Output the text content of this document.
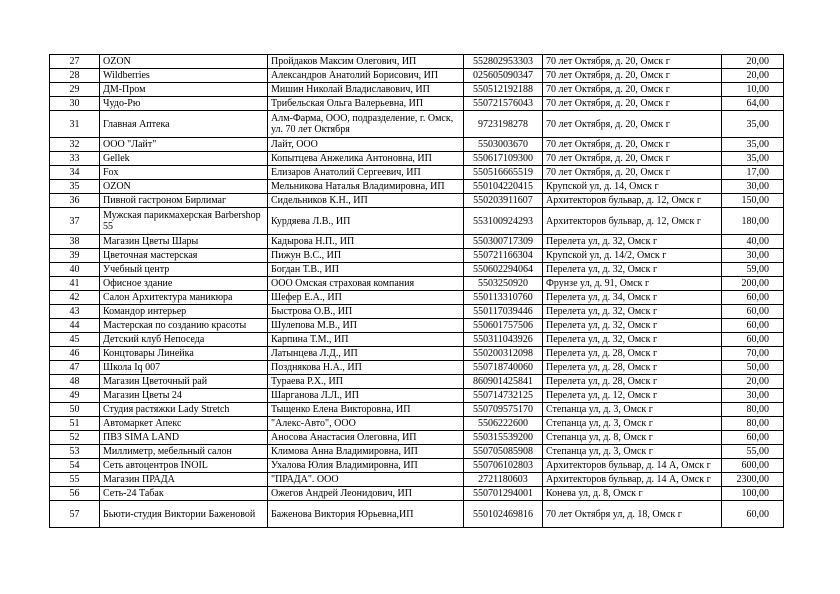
27	OZON	Пройдаков Максим Олегович, ИП	552802953303	70 лет Октября, д. 20, Омск г	20,00
28	Wildberries	Александров Анатолий Борисович, ИП	025605090347	70 лет Октября, д. 20, Омск г	20,00
29	ДМ-Пром	Мишин Николай Владиславович, ИП	550512192188	70 лет Октября, д. 20, Омск г	10,00
30	Чудо-Рю	Трибельская Ольга Валерьевна, ИП	550721576043	70 лет Октября, д. 20, Омск г	64,00
31	Главная Аптека	Алм-Фарма, ООО, подразделение, г. Омск, ул. 70 лет Октября	9723198278	70 лет Октября, д. 20, Омск г	35,00
32	ООО "Лайт"	Лайт, ООО	5503003670	70 лет Октября, д. 20, Омск г	35,00
33	Gellek	Копытцева Анжелика Антоновна, ИП	550617109300	70 лет Октября, д. 20, Омск г	35,00
34	Fox	Елизаров Анатолий Сергеевич, ИП	550516665519	70 лет Октября, д. 20, Омск г	17,00
35	OZON	Мельникова Наталья Владимировна, ИП	550104220415	Крупской ул, д. 14, Омск г	30,00
36	Пивной гастроном Бирлимаг	Сидельников К.Н., ИП	550203911607	Архитекторов бульвар, д. 12, Омск г	150,00
37	Мужская парикмахерская Barbershop 55	Курдяева Л.В., ИП	553100924293	Архитекторов бульвар, д. 12, Омск г	180,00
38	Магазин Цветы Шары	Кадырова Н.П., ИП	550300717309	Перелета ул, д. 32, Омск г	40,00
39	Цветочная мастерская	Пижун В.С., ИП	550721166304	Крупской ул, д. 14/2, Омск г	30,00
40	Учебный центр	Богдан Т.В., ИП	550602294064	Перелета ул, д. 32, Омск г	59,00
41	Офисное здание	ООО Омская страховая компания	5503250920	Фрунзе ул, д. 91, Омск г	200,00
42	Салон Архитектура маникюра	Шефер Е.А., ИП	550113310760	Перелета ул, д. 34, Омск г	60,00
43	Командор интерьер	Быстрова О.В., ИП	550117039446	Перелета ул, д. 32, Омск г	60,00
44	Мастерская по созданию красоты	Шулепова М.В., ИП	550601757506	Перелета ул, д. 32, Омск г	60,00
45	Детский клуб Непоседа	Карпина Т.М., ИП	550311043926	Перелета ул, д. 32, Омск г	60,00
46	Концтовары Линейка	Латынцева Л.Д., ИП	550200312098	Перелета ул, д. 28, Омск г	70,00
47	Школа Iq 007	Позднякова Н.А., ИП	550718740060	Перелета ул, д. 28, Омск г	50,00
48	Магазин Цветочный рай	Тураева Р.Х., ИП	860901425841	Перелета ул, д. 28, Омск г	20,00
49	Магазин Цветы 24	Шарганова Л.Л., ИП	550714732125	Перелета ул, д. 12, Омск г	30,00
50	Студия растяжки Lady Stretch	Тыщенко Елена Викторовна, ИП	550709575170	Степанца ул, д. 3, Омск г	80,00
51	Автомаркет Апекс	"Алекс-Авто", ООО	5506222600	Степанца ул, д. 3, Омск г	80,00
52	ПВЗ SIMA LAND	Аносова Анастасия Олеговна, ИП	550315539200	Степанца ул, д. 8, Омск г	60,00
53	Миллиметр, мебельный салон	Климова Анна Владимировна, ИП	550705085908	Степанца ул, д. 3, Омск г	55,00
54	Сеть автоцентров INOIL	Ухалова Юлия Владимировна, ИП	550706102803	Архитекторов бульвар, д. 14 А, Омск г	600,00
55	Магазин ПРАДА	"ПРАДА". ООО	2721180603	Архитекторов бульвар, д. 14 А, Омск г	2300,00
56	Сеть-24 Табак	Ожегов Андрей Леонидович, ИП	550701294001	Конева ул, д. 8, Омск г	100,00
57	Бьюти-студия Виктории Баженовой	Баженова Виктория Юрьевна,ИП	550102469816	70 лет Октября ул, д. 18, Омск г	60,00
